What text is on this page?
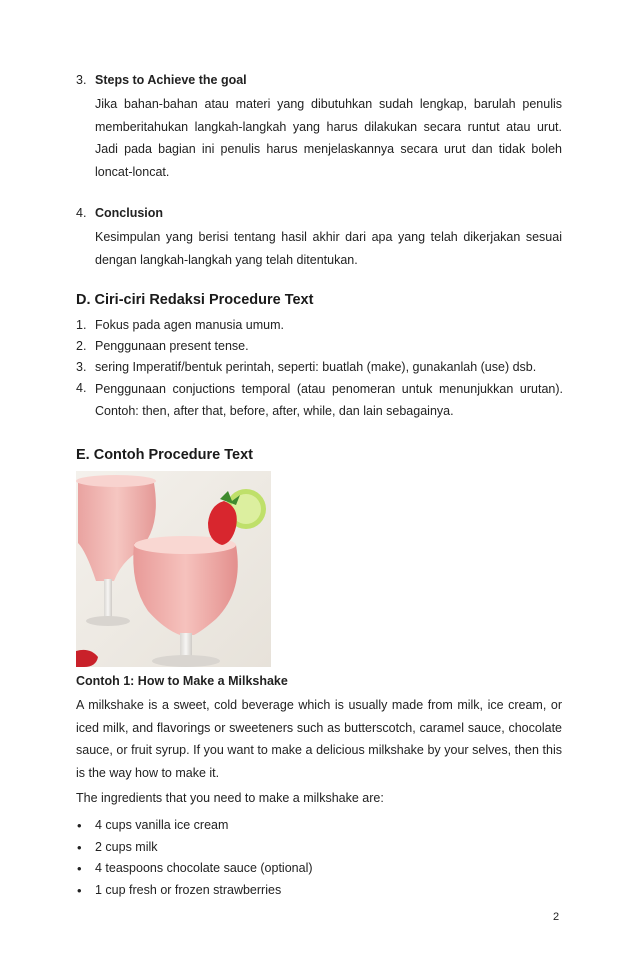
3. Steps to Achieve the goal
Jika bahan-bahan atau materi yang dibutuhkan sudah lengkap, barulah penulis memberitahukan langkah-langkah yang harus dilakukan secara runtut atau urut. Jadi pada bagian ini penulis harus menjelaskannya secara urut dan tidak boleh loncat-loncat.
4. Conclusion
Kesimpulan yang berisi tentang hasil akhir dari apa yang telah dikerjakan sesuai dengan langkah-langkah yang telah ditentukan.
D. Ciri-ciri Redaksi Procedure Text
1. Fokus pada agen manusia umum.
2. Penggunaan present tense.
3. sering Imperatif/bentuk perintah, seperti: buatlah (make), gunakanlah (use) dsb.
4. Penggunaan conjuctions temporal (atau penomeran untuk menunjukkan urutan). Contoh: then, after that, before, after, while, dan lain sebagainya.
E. Contoh Procedure Text
Contoh 1: How to Make a Milkshake
A milkshake is a sweet, cold beverage which is usually made from milk, ice cream, or iced milk, and flavorings or sweeteners such as butterscotch, caramel sauce, chocolate sauce, or fruit syrup. If you want to make a delicious milkshake by your selves, then this is the way how to make it.
The ingredients that you need to make a milkshake are:
• 4 cups vanilla ice cream
• 2 cups milk
• 4 teaspoons chocolate sauce (optional)
• 1 cup fresh or frozen strawberries
2
